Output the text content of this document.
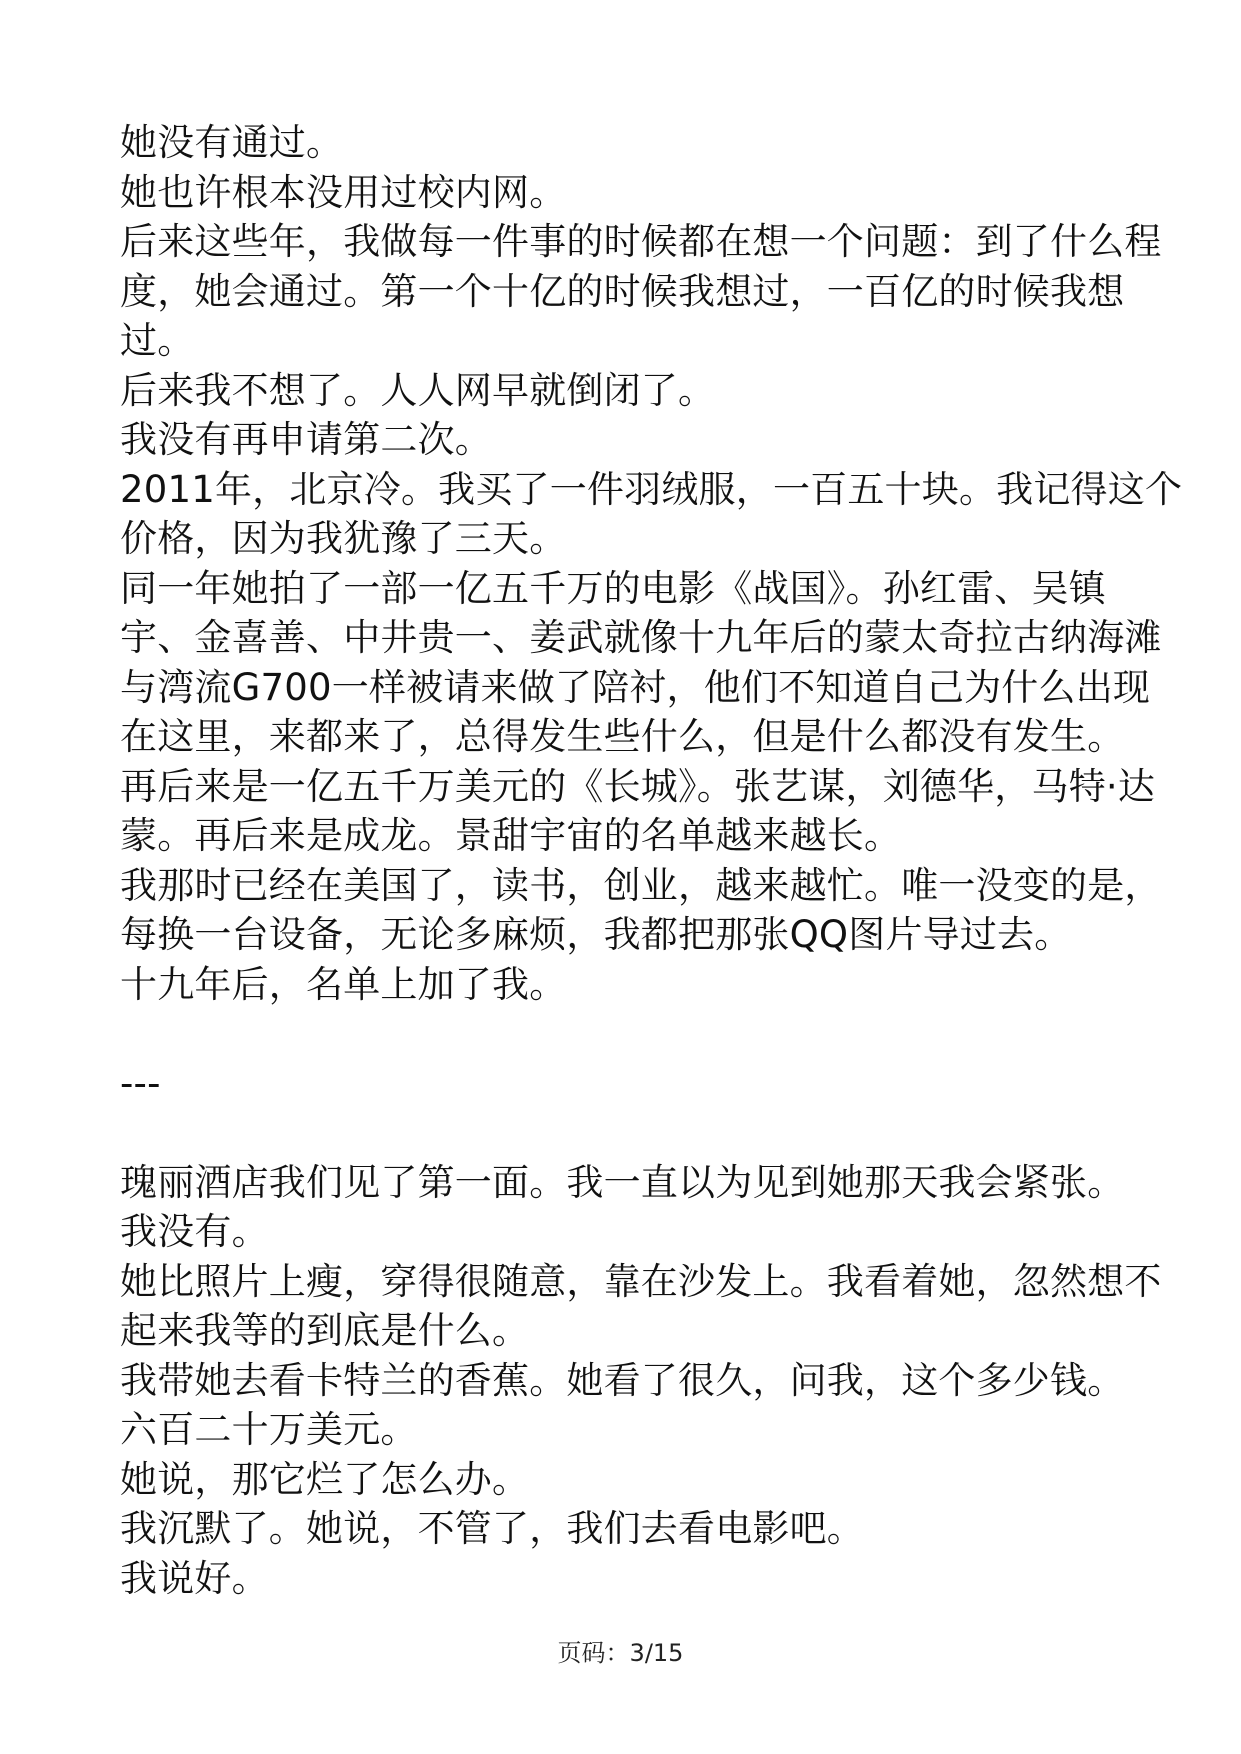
她没有通过。
她也许根本没用过校内网。
后来这些年，我做每一件事的时候都在想一个问题：到了什么程
度，她会通过。第一个十亿的时候我想过，一百亿的时候我想
过。
后来我不想了。人人网早就倒闭了。
我没有再申请第二次。
2011年，北京冷。我买了一件羽绒服，一百五十块。我记得这个
价格，因为我犹豫了三天。
同一年她拍了一部一亿五千万的电影《战国》。孙红雷、吴镇
宇、金喜善、中井贵一、姜武就像十九年后的蒙太奇拉古纳海滩
与湾流G700一样被请来做了陪衬，他们不知道自己为什么出现
在这里，来都来了，总得发生些什么，但是什么都没有发生。
再后来是一亿五千万美元的《长城》。张艺谋，刘德华，马特·达
蒙。再后来是成龙。景甜宇宙的名单越来越长。
我那时已经在美国了，读书，创业，越来越忙。唯一没变的是，
每换一台设备，无论多麻烦，我都把那张QQ图片导过去。
十九年后，名单上加了我。
---
瑰丽酒店我们见了第一面。我一直以为见到她那天我会紧张。
我没有。
她比照片上瘦，穿得很随意，靠在沙发上。我看着她，忽然想不
起来我等的到底是什么。
我带她去看卡特兰的香蕉。她看了很久，问我，这个多少钱。
六百二十万美元。
她说，那它烂了怎么办。
我沉默了。她说，不管了，我们去看电影吧。
我说好。
页码：3/15
